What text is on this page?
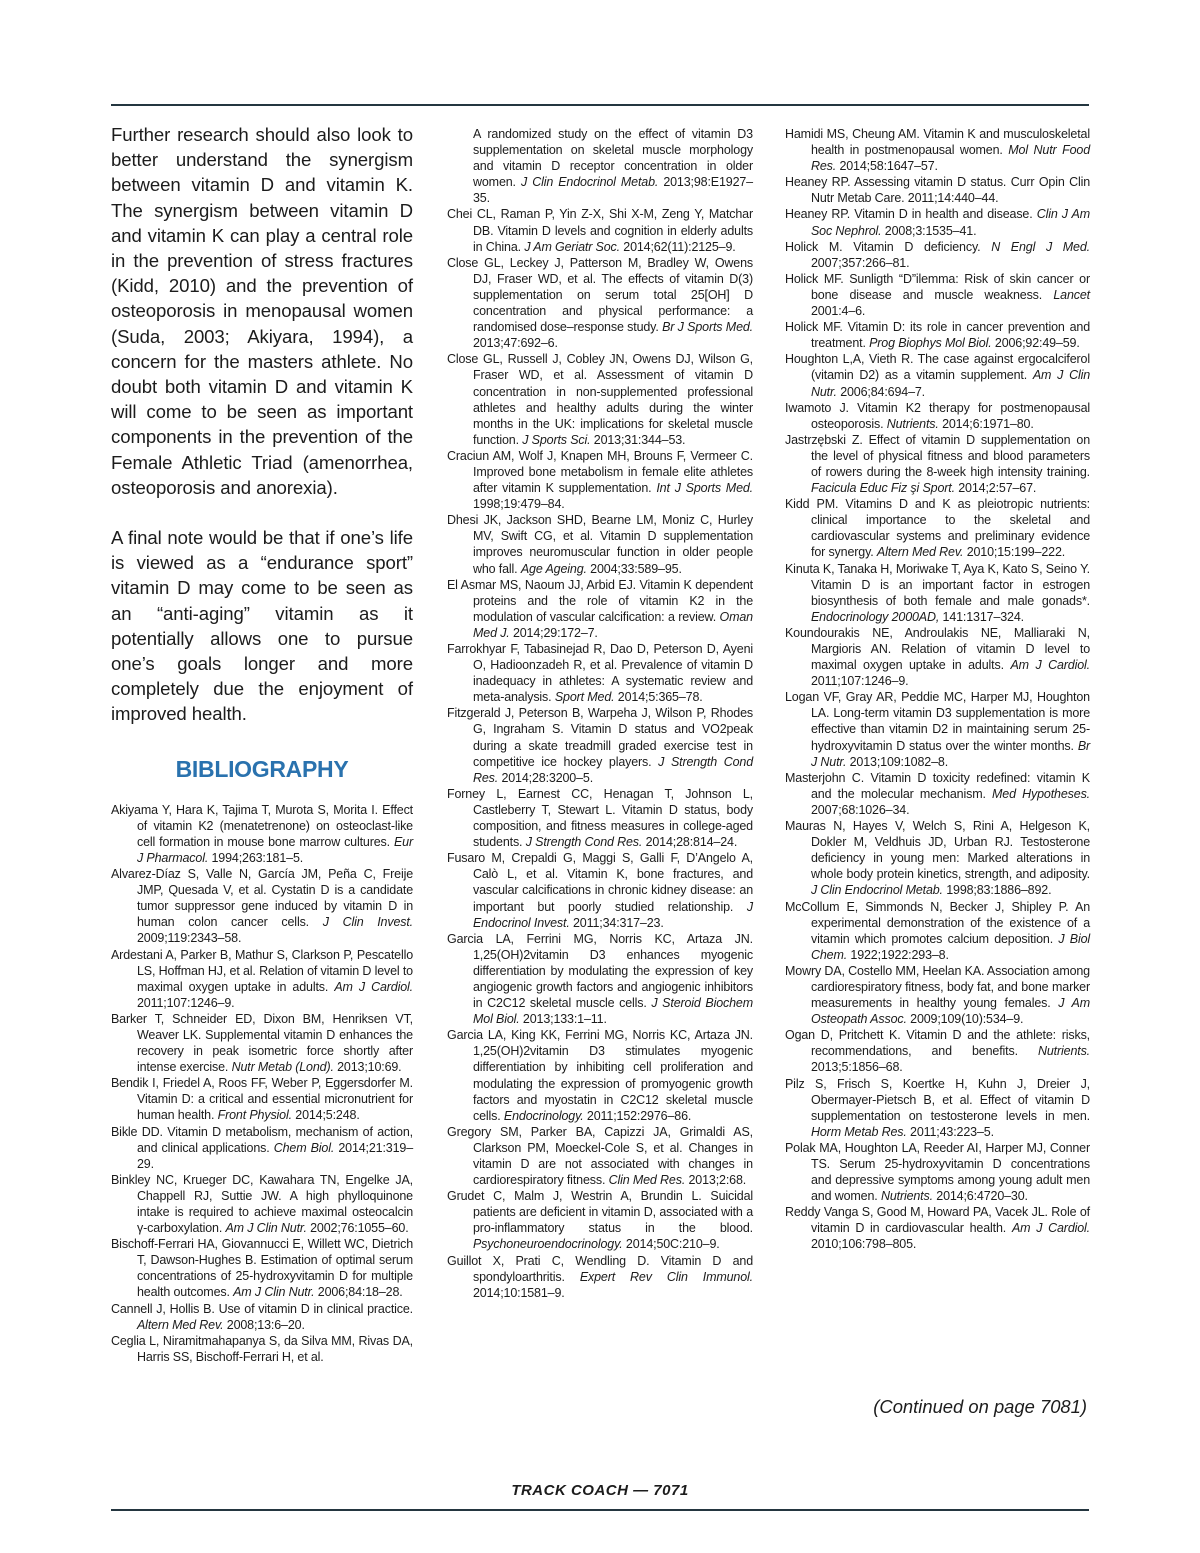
Further research should also look to better understand the synergism between vitamin D and vitamin K. The synergism between vitamin D and vitamin K can play a central role in the prevention of stress fractures (Kidd, 2010) and the prevention of osteoporosis in menopausal women (Suda, 2003; Akiyara, 1994), a concern for the masters athlete. No doubt both vitamin D and vitamin K will come to be seen as important components in the prevention of the Female Athletic Triad (amenorrhea, osteoporosis and anorexia).

A final note would be that if one’s life is viewed as a “endurance sport” vitamin D may come to be seen as an “anti-aging” vitamin as it potentially allows one to pursue one’s goals longer and more completely due the enjoyment of improved health.

BIBLIOGRAPHY
Akiyama Y, Hara K, Tajima T, Murota S, Morita I. Effect of vitamin K2 (menatetrenone) on osteoclast-like cell formation in mouse bone marrow cultures. Eur J Pharmacol. 1994;263:181–5.
Alvarez-Díaz S, Valle N, García JM, Peña C, Freije JMP, Quesada V, et al. Cystatin D is a candidate tumor suppressor gene induced by vitamin D in human colon cancer cells. J Clin Invest. 2009;119:2343–58.
Ardestani A, Parker B, Mathur S, Clarkson P, Pescatello LS, Hoffman HJ, et al. Relation of vitamin D level to maximal oxygen uptake in adults. Am J Cardiol. 2011;107:1246–9.
Barker T, Schneider ED, Dixon BM, Henriksen VT, Weaver LK. Supplemental vitamin D enhances the recovery in peak isometric force shortly after intense exercise. Nutr Metab (Lond). 2013;10:69.
Bendik I, Friedel A, Roos FF, Weber P, Eggersdorfer M. Vitamin D: a critical and essential micronutrient for human health. Front Physiol. 2014;5:248.
Bikle DD. Vitamin D metabolism, mechanism of action, and clinical applications. Chem Biol. 2014;21:319–29.
Binkley NC, Krueger DC, Kawahara TN, Engelke JA, Chappell RJ, Suttie JW. A high phylloquinone intake is required to achieve maximal osteocalcin γ-carboxylation. Am J Clin Nutr. 2002;76:1055–60.
Bischoff-Ferrari HA, Giovannucci E, Willett WC, Dietrich T, Dawson-Hughes B. Estimation of optimal serum concentrations of 25-hydroxyvitamin D for multiple health outcomes. Am J Clin Nutr. 2006;84:18–28.
Cannell J, Hollis B. Use of vitamin D in clinical practice. Altern Med Rev. 2008;13:6–20.
Ceglia L, Niramitmahapanya S, da Silva MM, Rivas DA, Harris SS, Bischoff-Ferrari H, et al.
A randomized study on the effect of vitamin D3 supplementation on skeletal muscle morphology and vitamin D receptor concentration in older women. J Clin Endocrinol Metab. 2013;98:E1927–35.
Chei CL, Raman P, Yin Z-X, Shi X-M, Zeng Y, Matchar DB. Vitamin D levels and cognition in elderly adults in China. J Am Geriatr Soc. 2014;62(11):2125–9.
Close GL, Leckey J, Patterson M, Bradley W, Owens DJ, Fraser WD, et al. The effects of vitamin D(3) supplementation on serum total 25[OH] D concentration and physical performance: a randomised dose–response study. Br J Sports Med. 2013;47:692–6.
Close GL, Russell J, Cobley JN, Owens DJ, Wilson G, Fraser WD, et al. Assessment of vitamin D concentration in non-supplemented professional athletes and healthy adults during the winter months in the UK: implications for skeletal muscle function. J Sports Sci. 2013;31:344–53.
Craciun AM, Wolf J, Knapen MH, Brouns F, Vermeer C. Improved bone metabolism in female elite athletes after vitamin K supplementation. Int J Sports Med. 1998;19:479–84.
Dhesi JK, Jackson SHD, Bearne LM, Moniz C, Hurley MV, Swift CG, et al. Vitamin D supplementation improves neuromuscular function in older people who fall. Age Ageing. 2004;33:589–95.
El Asmar MS, Naoum JJ, Arbid EJ. Vitamin K dependent proteins and the role of vitamin K2 in the modulation of vascular calcification: a review. Oman Med J. 2014;29:172–7.
Farrokhyar F, Tabasinejad R, Dao D, Peterson D, Ayeni O, Hadioonzadeh R, et al. Prevalence of vitamin D inadequacy in athletes: A systematic review and meta-analysis. Sport Med. 2014;5:365–78.
Fitzgerald J, Peterson B, Warpeha J, Wilson P, Rhodes G, Ingraham S. Vitamin D status and VO2peak during a skate treadmill graded exercise test in competitive ice hockey players. J Strength Cond Res. 2014;28:3200–5.
Forney L, Earnest CC, Henagan T, Johnson L, Castleberry T, Stewart L. Vitamin D status, body composition, and fitness measures in college-aged students. J Strength Cond Res. 2014;28:814–24.
Fusaro M, Crepaldi G, Maggi S, Galli F, D’Angelo A, Calò L, et al. Vitamin K, bone fractures, and vascular calcifications in chronic kidney disease: an important but poorly studied relationship. J Endocrinol Invest. 2011;34:317–23.
Garcia LA, Ferrini MG, Norris KC, Artaza JN. 1,25(OH)2vitamin D3 enhances myogenic differentiation by modulating the expression of key angiogenic growth factors and angiogenic inhibitors in C2C12 skeletal muscle cells. J Steroid Biochem Mol Biol. 2013;133:1–11.
Garcia LA, King KK, Ferrini MG, Norris KC, Artaza JN. 1,25(OH)2vitamin D3 stimulates myogenic differentiation by inhibiting cell proliferation and modulating the expression of promyogenic growth factors and myostatin in C2C12 skeletal muscle cells. Endocrinology. 2011;152:2976–86.
Gregory SM, Parker BA, Capizzi JA, Grimaldi AS, Clarkson PM, Moeckel-Cole S, et al. Changes in vitamin D are not associated with changes in cardiorespiratory fitness. Clin Med Res. 2013;2:68.
Grudet C, Malm J, Westrin A, Brundin L. Suicidal patients are deficient in vitamin D, associated with a pro-inflammatory status in the blood. Psychoneuroendocrinology. 2014;50C:210–9.
Guillot X, Prati C, Wendling D. Vitamin D and spondyloarthritis. Expert Rev Clin Immunol. 2014;10:1581–9.
Hamidi MS, Cheung AM. Vitamin K and musculoskeletal health in postmenopausal women. Mol Nutr Food Res. 2014;58:1647–57.
Heaney RP. Assessing vitamin D status. Curr Opin Clin Nutr Metab Care. 2011;14:440–44.
Heaney RP. Vitamin D in health and disease. Clin J Am Soc Nephrol. 2008;3:1535–41.
Holick M. Vitamin D deficiency. N Engl J Med. 2007;357:266–81.
Holick MF. Sunligth “D”ilemma: Risk of skin cancer or bone disease and muscle weakness. Lancet 2001:4–6.
Holick MF. Vitamin D: its role in cancer prevention and treatment. Prog Biophys Mol Biol. 2006;92:49–59.
Houghton L,A, Vieth R. The case against ergocalciferol (vitamin D2) as a vitamin supplement. Am J Clin Nutr. 2006;84:694–7.
Iwamoto J. Vitamin K2 therapy for postmenopausal osteoporosis. Nutrients. 2014;6:1971–80.
Jastrzębski Z. Effect of vitamin D supplementation on the level of physical fitness and blood parameters of rowers during the 8-week high intensity training. Facicula Educ Fiz şi Sport. 2014;2:57–67.
Kidd PM. Vitamins D and K as pleiotropic nutrients: clinical importance to the skeletal and cardiovascular systems and preliminary evidence for synergy. Altern Med Rev. 2010;15:199–222.
Kinuta K, Tanaka H, Moriwake T, Aya K, Kato S, Seino Y. Vitamin D is an important factor in estrogen biosynthesis of both female and male gonads*. Endocrinology 2000AD, 141:1317–324.
Koundourakis NE, Androulakis NE, Malliaraki N, Margioris AN. Relation of vitamin D level to maximal oxygen uptake in adults. Am J Cardiol. 2011;107:1246–9.
Logan VF, Gray AR, Peddie MC, Harper MJ, Houghton LA. Long-term vitamin D3 supplementation is more effective than vitamin D2 in maintaining serum 25-hydroxyvitamin D status over the winter months. Br J Nutr. 2013;109:1082–8.
Masterjohn C. Vitamin D toxicity redefined: vitamin K and the molecular mechanism. Med Hypotheses. 2007;68:1026–34.
Mauras N, Hayes V, Welch S, Rini A, Helgeson K, Dokler M, Veldhuis JD, Urban RJ. Testosterone deficiency in young men: Marked alterations in whole body protein kinetics, strength, and adiposity. J Clin Endocrinol Metab. 1998;83:1886–892.
McCollum E, Simmonds N, Becker J, Shipley P. An experimental demonstration of the existence of a vitamin which promotes calcium deposition. J Biol Chem. 1922;1922:293–8.
Mowry DA, Costello MM, Heelan KA. Association among cardiorespiratory fitness, body fat, and bone marker measurements in healthy young females. J Am Osteopath Assoc. 2009;109(10):534–9.
Ogan D, Pritchett K. Vitamin D and the athlete: risks, recommendations, and benefits. Nutrients. 2013;5:1856–68.
Pilz S, Frisch S, Koertke H, Kuhn J, Dreier J, Obermayer-Pietsch B, et al. Effect of vitamin D supplementation on testosterone levels in men. Horm Metab Res. 2011;43:223–5.
Polak MA, Houghton LA, Reeder AI, Harper MJ, Conner TS. Serum 25-hydroxyvitamin D concentrations and depressive symptoms among young adult men and women. Nutrients. 2014;6:4720–30.
Reddy Vanga S, Good M, Howard PA, Vacek JL. Role of vitamin D in cardiovascular health. Am J Cardiol. 2010;106:798–805.
(Continued on page 7081)
TRACK COACH — 7071
